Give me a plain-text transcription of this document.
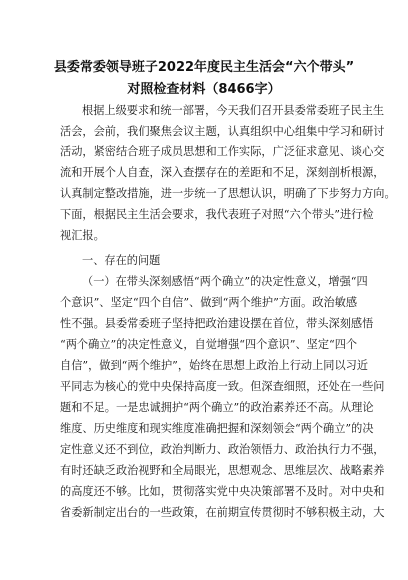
县委常委领导班子2022年度民主生活会“六个带头”
对照检查材料（8466字）
根据上级要求和统一部署，今天我们召开县委常委班子民主生
活会，会前，我们聚焦会议主题，认真组织中心组集中学习和研讨
活动，紧密结合班子成员思想和工作实际，广泛征求意见、谈心交
流和开展个人自查，深入查摆存在的差距和不足，深刻剖析根源，
认真制定整改措施，进一步统一了思想认识，明确了下步努力方向。
下面，根据民主生活会要求，我代表班子对照“六个带头”进行检
视汇报。
一、存在的问题
（一）在带头深刻感悟“两个确立”的决定性意义，增强“四
个意识”、坚定“四个自信”、做到“两个维护”方面。政治敏感
性不强。县委常委班子坚持把政治建设摆在首位，带头深刻感悟
“两个确立”的决定性意义，自觉增强“四个意识”、坚定“四个
自信”，做到“两个维护”，始终在思想上政治上行动上同以习近
平同志为核心的党中央保持高度一致。但深查细照，还处在一些问
题和不足。一是忠诚拥护“两个确立”的政治素养还不高。从理论
维度、历史维度和现实维度准确把握和深刻领会“两个确立”的决
定性意义还不到位，政治判断力、政治领悟力、政治执行力不强，
有时还缺乏政治视野和全局眼光，思想观念、思维层次、战略素养
的高度还不够。比如，贯彻落实党中央决策部署不及时。对中央和
省委新制定出台的一些政策，在前期宣传贯彻时不够积极主动，大
